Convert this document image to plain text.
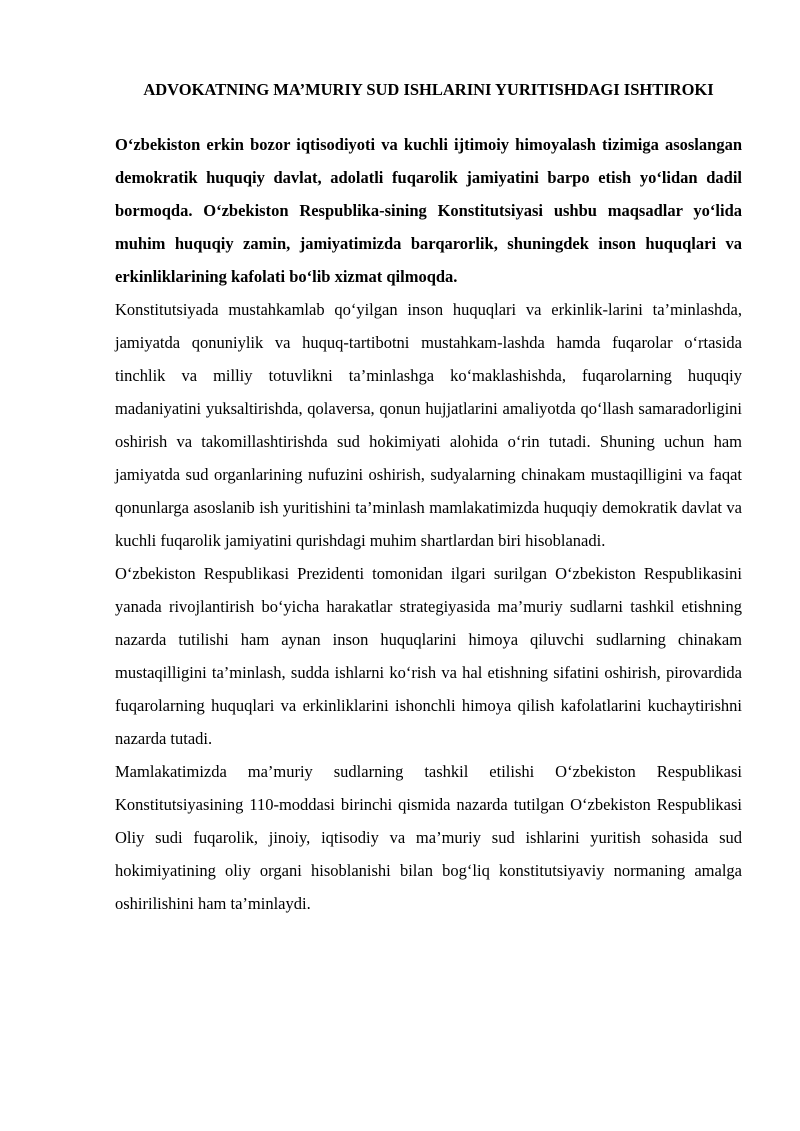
ADVOKATNING MA’MURIY SUD ISHLARINI YURITISHDAGI ISHTIROKI

O‘zbekiston erkin bozor iqtisodiyoti va kuchli ijtimoiy himoyalash tizimiga asoslangan demokratik huquqiy davlat, adolatli fuqarolik jamiyatini barpo etish yo‘lidan dadil bormoqda. O‘zbekiston Respublika-sining Konstitutsiyasi ushbu maqsadlar yo‘lida muhim huquqiy zamin, jamiyatimizda barqarorlik, shuningdek inson huquqlari va erkinliklarining kafolati bo‘lib xizmat qilmoqda.

Konstitutsiyada mustahkamlab qo‘yilgan inson huquqlari va erkinlik-larini ta’minlashda, jamiyatda qonuniylik va huquq-tartibotni mustahkam-lashda hamda fuqarolar o‘rtasida tinchlik va milliy totuvlikni ta’minlashga ko‘maklashishda, fuqarolarning huquqiy madaniyatini yuksaltirishda, qolaversa, qonun hujjatlarini amaliyotda qo‘llash samaradorligini oshirish va takomillashtirishda sud hokimiyati alohida o‘rin tutadi. Shuning uchun ham jamiyatda sud organlarining nufuzini oshirish, sudyalarning chinakam mustaqilligini va faqat qonunlarga asoslanib ish yuritishini ta’minlash mamlakatimizda huquqiy demokratik davlat va kuchli fuqarolik jamiyatini qurishdagi muhim shartlardan biri hisoblanadi.

O‘zbekiston Respublikasi Prezidenti tomonidan ilgari surilgan O‘zbekiston Respublikasini yanada rivojlantirish bo‘yicha harakatlar strategiyasida ma’muriy sudlarni tashkil etishning nazarda tutilishi ham aynan inson huquqlarini himoya qiluvchi sudlarning chinakam mustaqilligini ta’minlash, sudda ishlarni ko‘rish va hal etishning sifatini oshirish, pirovardida fuqarolarning huquqlari va erkinliklarini ishonchli himoya qilish kafolatlarini kuchaytirishni nazarda tutadi.

Mamlakatimizda ma’muriy sudlarning tashkil etilishi O‘zbekiston Respublikasi Konstitutsiyasining 110-moddasi birinchi qismida nazarda tutilgan O‘zbekiston Respublikasi Oliy sudi fuqarolik, jinoiy, iqtisodiy va ma’muriy sud ishlarini yuritish sohasida sud hokimiyatining oliy organi hisoblanishi bilan bog‘liq konstitutsiyaviy normaning amalga oshirilishini ham ta’minlaydi.
